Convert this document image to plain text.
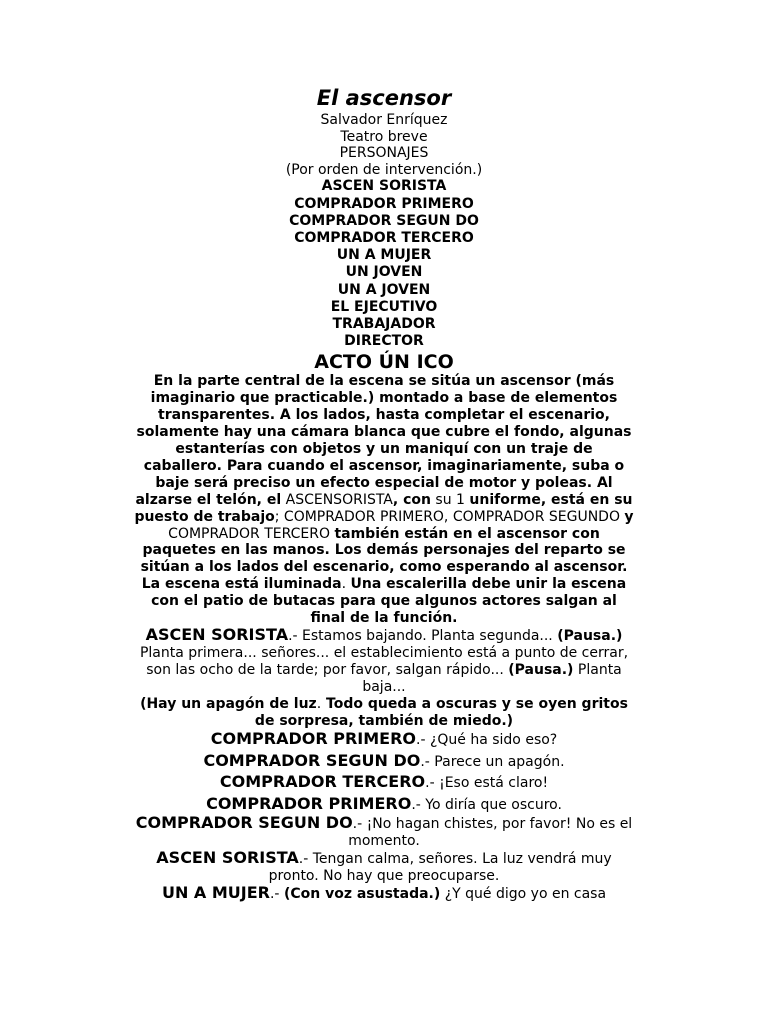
El ascensor
Salvador Enríquez
Teatro breve
PERSONAJES
(Por orden de intervención.)
ASCEN SORISTA
COMPRADOR PRIMERO
COMPRADOR SEGUN DO
COMPRADOR TERCERO
UN A MUJER
UN JOVEN
UN A JOVEN
EL EJECUTIVO
TRABAJADOR
DIRECTOR
ACTO ÚN ICO
En la parte central de la escena se sitúa un ascensor (más imaginario que practicable.) montado a base de elementos transparentes. A los lados, hasta completar el escenario, solamente hay una cámara blanca que cubre el fondo, algunas estanterías con objetos y un maniquí con un traje de caballero. Para cuando el ascensor, imaginariamente, suba o baje será preciso un efecto especial de motor y poleas. Al alzarse el telón, el ASCENSORISTA, con su 1 uniforme, está en su puesto de trabajo; COMPRADOR PRIMERO, COMPRADOR SEGUNDO y COMPRADOR TERCERO también están en el ascensor con paquetes en las manos. Los demás personajes del reparto se sitúan a los lados del escenario, como esperando al ascensor.
La escena está iluminada. Una escalerilla debe unir la escena con el patio de butacas para que algunos actores salgan al final de la función.
ASCEN SORISTA.- Estamos bajando. Planta segunda... (Pausa.) Planta primera... señores... el establecimiento está a punto de cerrar, son las ocho de la tarde; por favor, salgan rápido... (Pausa.) Planta baja...
(Hay un apagón de luz. Todo queda a oscuras y se oyen gritos de sorpresa, también de miedo.)
COMPRADOR PRIMERO.- ¿Qué ha sido eso?
COMPRADOR SEGUN DO.- Parece un apagón.
COMPRADOR TERCERO.- ¡Eso está claro!
COMPRADOR PRIMERO.- Yo diría que oscuro.
COMPRADOR SEGUN DO.- ¡No hagan chistes, por favor! No es el momento.
ASCEN SORISTA.- Tengan calma, señores. La luz vendrá muy pronto. No hay que preocuparse.
UN A MUJER.- (Con voz asustada.) ¿Y qué digo yo en casa
